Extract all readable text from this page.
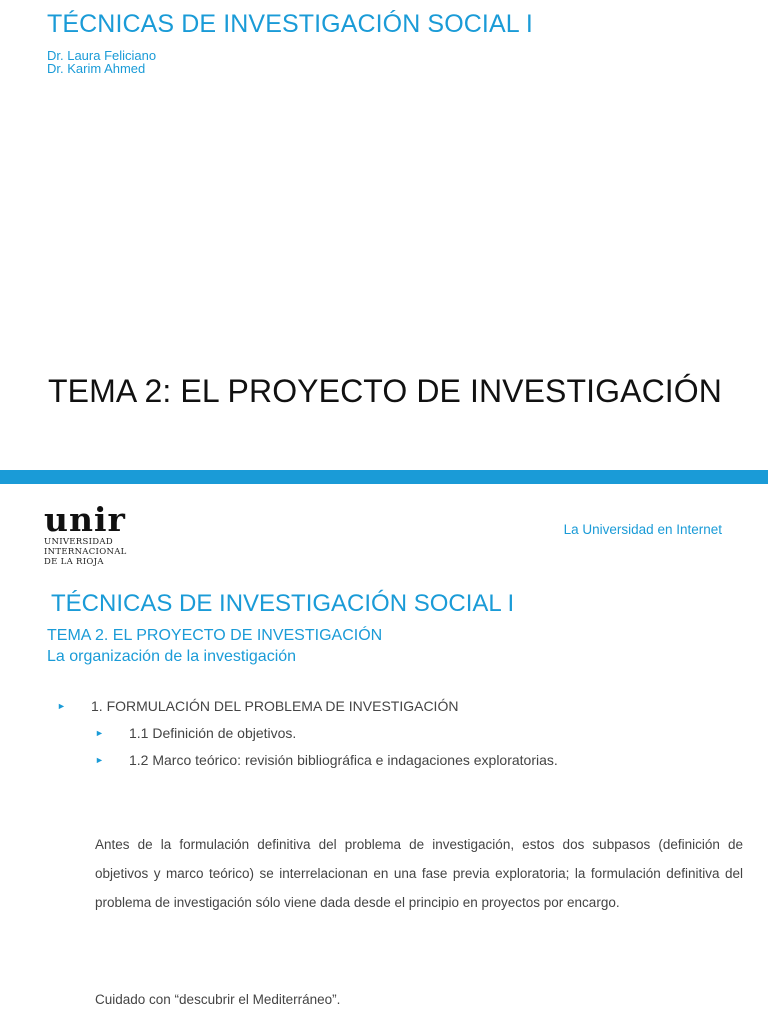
TÉCNICAS DE INVESTIGACIÓN SOCIAL I
Dr. Laura Feliciano
Dr. Karim Ahmed
TEMA 2: EL PROYECTO DE INVESTIGACIÓN
unir
UNIVERSIDAD
INTERNACIONAL
DE LA RIOJA
La Universidad en Internet
TÉCNICAS DE INVESTIGACIÓN SOCIAL I
TEMA 2. EL PROYECTO DE INVESTIGACIÓN
La organización de la investigación
►	1. FORMULACIÓN DEL PROBLEMA DE INVESTIGACIÓN
►	1.1 Definición de objetivos.
►	1.2 Marco teórico: revisión bibliográfica e indagaciones exploratorias.
Antes de la formulación definitiva del problema de investigación, estos dos subpasos (definición de objetivos y marco teórico) se interrelacionan en una fase previa exploratoria; la formulación definitiva del problema de investigación sólo viene dada desde el principio en proyectos por encargo.
Cuidado con “descubrir el Mediterráneo”.
